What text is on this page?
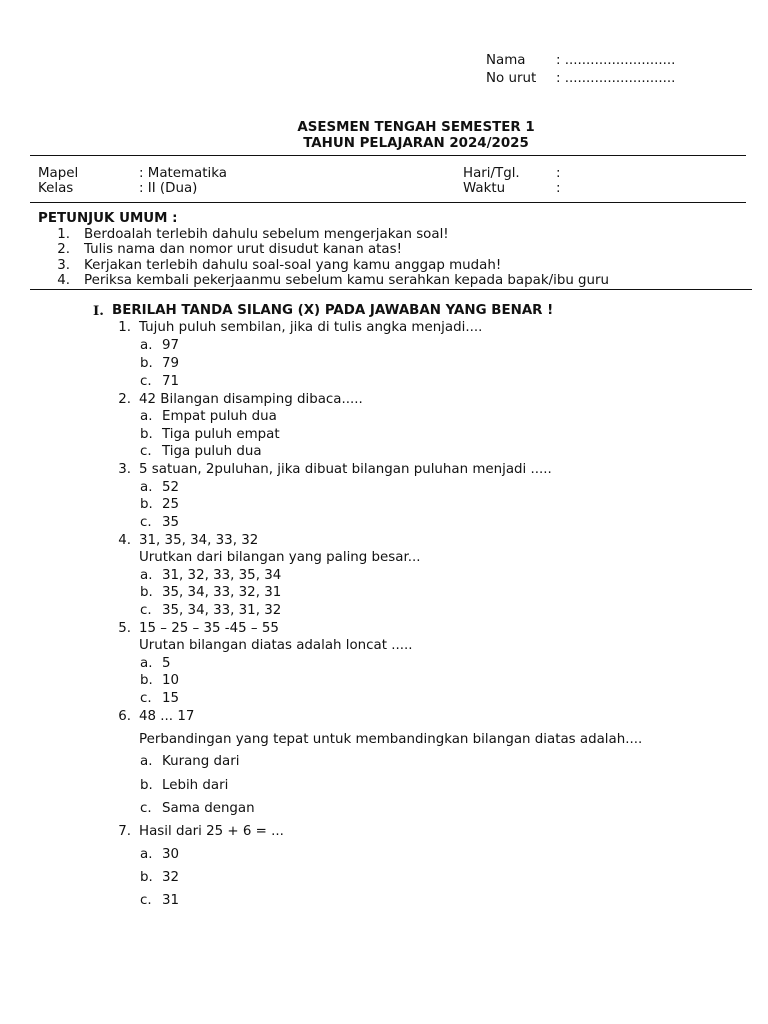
Nama : ..........................
No urut : ..........................
ASESMEN TENGAH SEMESTER 1
TAHUN PELAJARAN 2024/2025
Mapel	: Matematika
Kelas	: II (Dua)
Hari/Tgl.	:
Waktu	:
PETUNJUK UMUM :
1. Berdoalah terlebih dahulu sebelum mengerjakan soal!
2. Tulis nama dan nomor urut disudut kanan atas!
3. Kerjakan terlebih dahulu soal-soal yang kamu anggap mudah!
4. Periksa kembali pekerjaanmu sebelum kamu serahkan kepada bapak/ibu guru
I. BERILAH TANDA SILANG (X) PADA JAWABAN YANG BENAR !
1. Tujuh puluh sembilan, jika di tulis angka menjadi....
a. 97
b. 79
c. 71
2. 42 Bilangan disamping dibaca.....
a. Empat puluh dua
b. Tiga puluh empat
c. Tiga puluh dua
3. 5 satuan, 2puluhan, jika dibuat bilangan puluhan menjadi .....
a. 52
b. 25
c. 35
4. 31, 35, 34, 33, 32
Urutkan dari bilangan yang paling besar...
a. 31, 32, 33, 35, 34
b. 35, 34, 33, 32, 31
c. 35, 34, 33, 31, 32
5. 15 – 25 – 35 -45 – 55
Urutan bilangan diatas adalah loncat .....
a. 5
b. 10
c. 15
6. 48 ... 17
Perbandingan yang tepat untuk membandingkan bilangan diatas adalah....
a. Kurang dari
b. Lebih dari
c. Sama dengan
7. Hasil dari 25 + 6 = ...
a. 30
b. 32
c. 31
